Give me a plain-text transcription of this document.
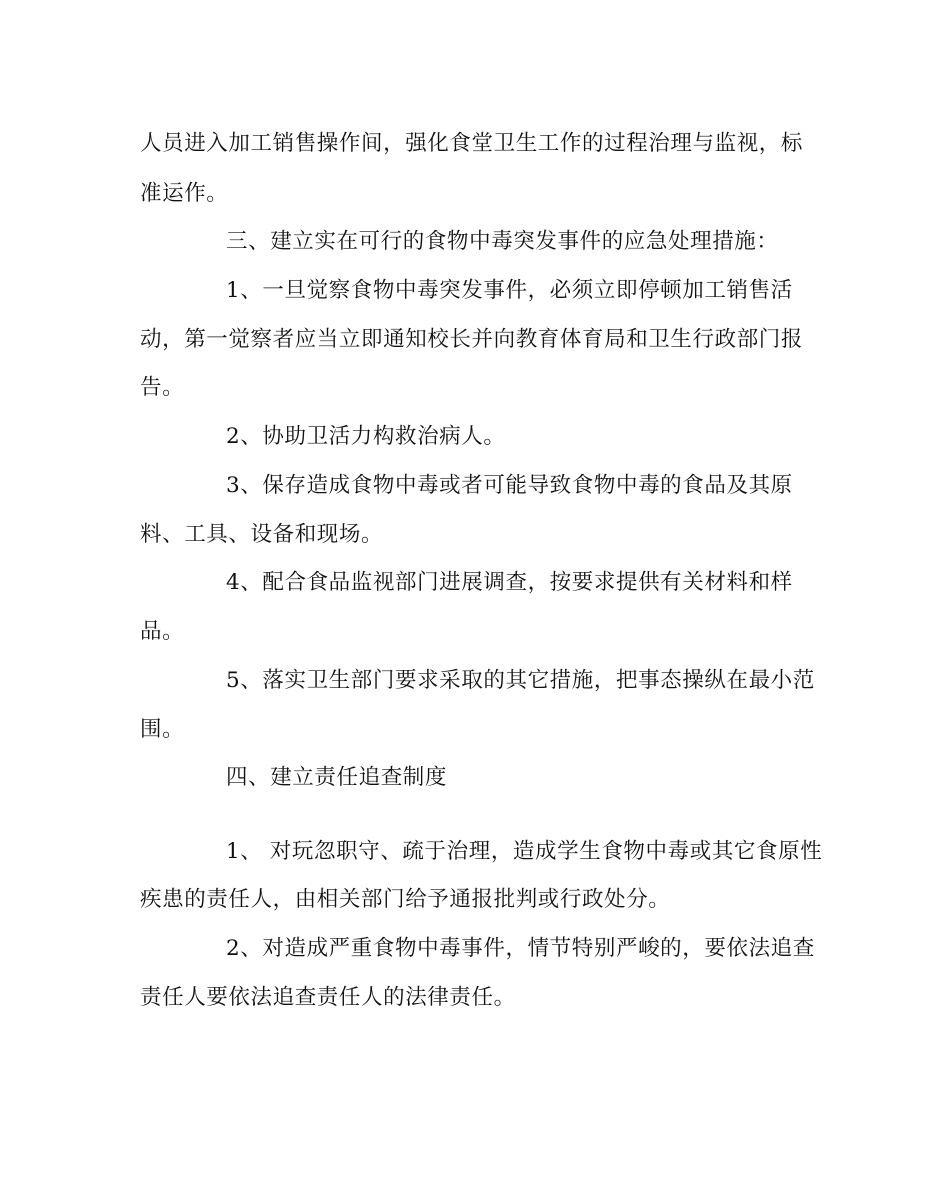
人员进入加工销售操作间，强化食堂卫生工作的过程治理与监视，标
准运作。
三、建立实在可行的食物中毒突发事件的应急处理措施：
1、一旦觉察食物中毒突发事件，必须立即停顿加工销售活
动，第一觉察者应当立即通知校长并向教育体育局和卫生行政部门报
告。
2、协助卫活力构救治病人。
3、保存造成食物中毒或者可能导致食物中毒的食品及其原
料、工具、设备和现场。
4、配合食品监视部门进展调查，按要求提供有关材料和样
品。
5、落实卫生部门要求采取的其它措施，把事态操纵在最小范
围。
四、建立责任追查制度
1、 对玩忽职守、疏于治理，造成学生食物中毒或其它食原性
疾患的责任人，由相关部门给予通报批判或行政处分。
2、对造成严重食物中毒事件，情节特别严峻的，要依法追查
责任人要依法追查责任人的法律责任。
